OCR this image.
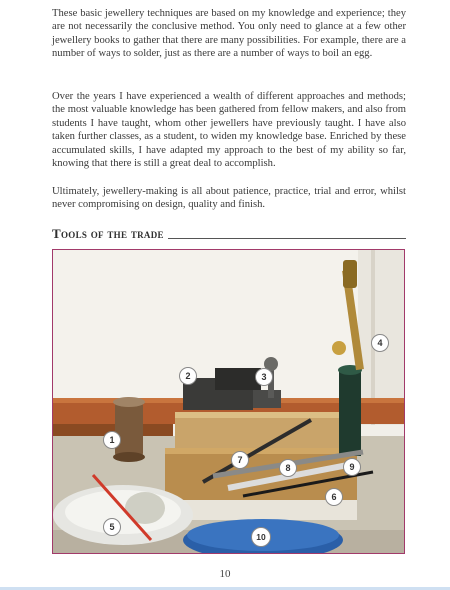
These basic jewellery techniques are based on my knowledge and experience; they are not necessarily the conclusive method. You only need to glance at a few other jewellery books to gather that there are many possibilities. For example, there are a number of ways to solder, just as there are a number of ways to boil an egg.

Over the years I have experienced a wealth of different approaches and methods; the most valuable knowledge has been gathered from fellow makers, and also from students I have taught, whom other jewellers have previously taught. I have also taken further classes, as a student, to widen my knowledge base. Enriched by these accumulated skills, I have adapted my approach to the best of my ability so far, knowing that there is still a great deal to accomplish.

Ultimately, jewellery-making is all about patience, practice, trial and error, whilst never compromising on design, quality and finish.

Tools of the trade
1
2	3
4
5
6
7
8	9
10
10
